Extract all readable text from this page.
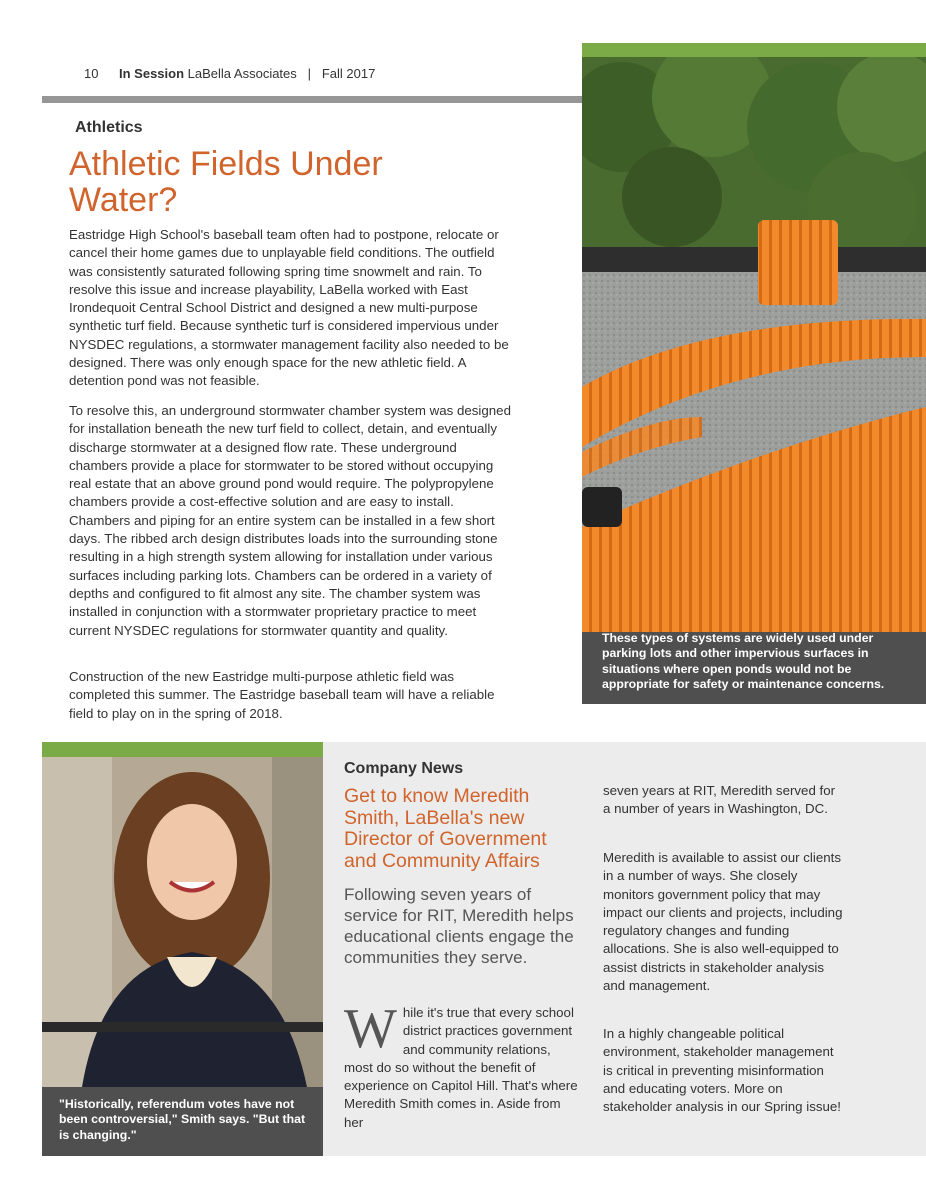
10 In Session LaBella Associates   |   Fall 2017

These types of systems are widely used under parking lots and other impervious surfaces in situations where open ponds would not be appropriate for safety or maintenance concerns.

Athletics
Athletic Fields Under Water?

Eastridge High School's baseball team often had to postpone, relocate or cancel their home games due to unplayable field conditions. The outfield was consistently saturated following spring time snowmelt and rain. To resolve this issue and increase playability, LaBella worked with East Irondequoit Central School District and designed a new multi-purpose synthetic turf field. Because synthetic turf is considered impervious under NYSDEC regulations, a stormwater management facility also needed to be designed. There was only enough space for the new athletic field. A detention pond was not feasible.

To resolve this, an underground stormwater chamber system was designed for installation beneath the new turf field to collect, detain, and eventually discharge stormwater at a designed flow rate. These underground chambers provide a place for stormwater to be stored without occupying real estate that an above ground pond would require. The polypropylene chambers provide a cost-effective solution and are easy to install. Chambers and piping for an entire system can be installed in a few short days. The ribbed arch design distributes loads into the surrounding stone resulting in a high strength system allowing for installation under various surfaces including parking lots. Chambers can be ordered in a variety of depths and configured to fit almost any site. The chamber system was installed in conjunction with a stormwater proprietary practice to meet current NYSDEC regulations for stormwater quantity and quality.

Construction of the new Eastridge multi-purpose athletic field was completed this summer. The Eastridge baseball team will have a reliable field to play on in the spring of 2018.

"Historically, referendum votes have not been controversial," Smith says. "But that is changing."

Company News
Get to know Meredith Smith, LaBella's new Director of Government and Community Affairs

Following seven years of service for RIT, Meredith helps educational clients engage the communities they serve.

While it's true that every school district practices government and community relations, most do so without the benefit of experience on Capitol Hill. That's where Meredith Smith comes in. Aside from her

seven years at RIT, Meredith served for a number of years in Washington, DC.

Meredith is available to assist our clients in a number of ways. She closely monitors government policy that may impact our clients and projects, including regulatory changes and funding allocations. She is also well-equipped to assist districts in stakeholder analysis and management.

In a highly changeable political environment, stakeholder management is critical in preventing misinformation and educating voters. More on stakeholder analysis in our Spring issue!
